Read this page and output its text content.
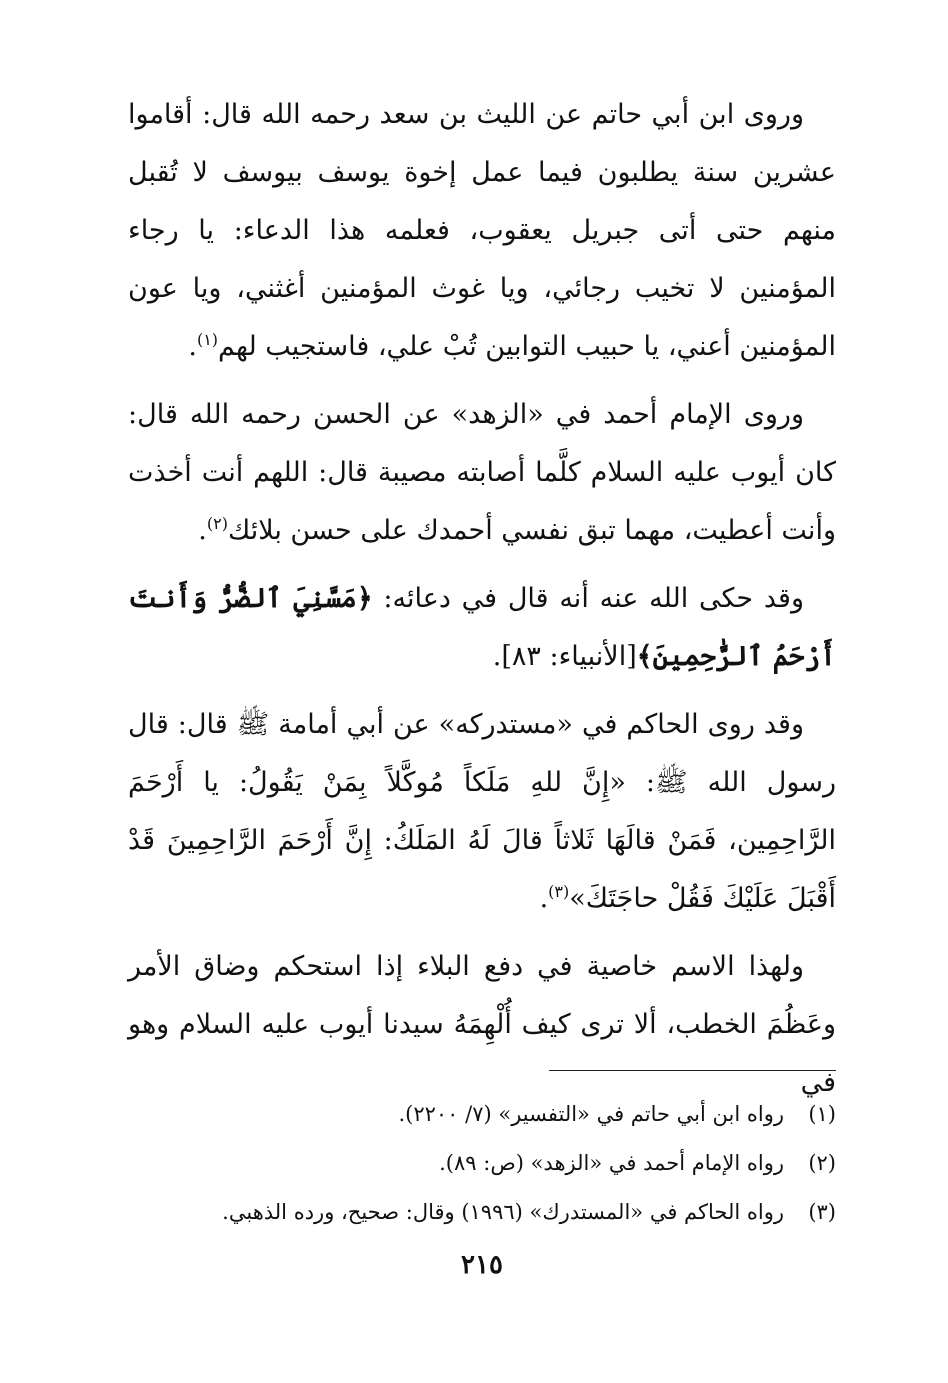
وروى ابن أبي حاتم عن الليث بن سعد رحمه الله قال: أقاموا عشرين سنة يطلبون فيما عمل إخوة يوسف بيوسف لا تُقبل منهم حتى أتى جبريل يعقوب، فعلمه هذا الدعاء: يا رجاء المؤمنين لا تخيب رجائي، ويا غوث المؤمنين أغثني، ويا عون المؤمنين أعني، يا حبيب التوابين تُبْ علي، فاستجيب لهم$^{(١)}$.

وروى الإمام أحمد في «الزهد» عن الحسن رحمه الله قال: كان أيوب عليه السلام كلَّما أصابته مصيبة قال: اللهم أنت أخذت وأنت أعطيت، مهما تبق نفسي أحمدك على حسن بلائك$^{(٢)}$.

وقد حكى الله عنه أنه قال في دعائه: ﴿مَسَّنِيَ ٱلضُّرُّ وَأَنتَ أَرْحَمُ ٱلرَّٰحِمِينَ﴾[الأنبياء: ٨٣].

وقد روى الحاكم في «مستدركه» عن أبي أمامة ﷺ قال: قال رسول الله ﷺ: «إِنَّ للهِ مَلَكاً مُوكَّلاً بِمَنْ يَقُولُ: يا أَرْحَمَ الرَّاحِمِين، فَمَنْ قالَهَا ثَلاثاً قالَ لَهُ المَلَكُ: إِنَّ أَرْحَمَ الرَّاحِمِينَ قَدْ أَقْبَلَ عَلَيْكَ فَقُلْ حاجَتَكَ»$^{(٣)}$.

ولهذا الاسم خاصية في دفع البلاء إذا استحكم وضاق الأمر وعَظُمَ الخطب، ألا ترى كيف أُلْهِمَهُ سيدنا أيوب عليه السلام وهو في

(١)
رواه ابن أبي حاتم في «التفسير» (٧/ ٢٢٠٠).
(٢)
رواه الإمام أحمد في «الزهد» (ص: ٨٩).
(٣)
رواه الحاكم في «المستدرك» (١٩٩٦) وقال: صحيح، ورده الذهبي.
٢١٥
